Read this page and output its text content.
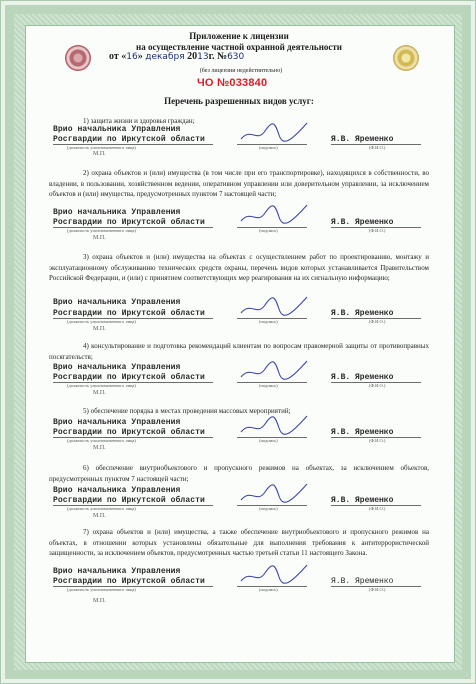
Приложение к лицензии
на осуществление частной охранной деятельности
от «16» декабря 2013г. №630
(без лицензии недействительно)
ЧО №033840
Перечень разрешенных видов услуг:
1) защита жизни и здоровья граждан;
Врио начальника Управления
Росгвардии по Иркутской области
(должность уполномоченного лица)	(подпись)
Я.В. Яременко
(Ф.И.О.)
М.П.
2) охрана объектов и (или) имущества (в том числе при его транспортировке), находящихся в собственности, во владении, в пользовании, хозяйственном ведении, оперативном управлении или доверительном управлении, за исключением объектов и (или) имущества, предусмотренных пунктом 7 настоящей части;
Врио начальника Управления
Росгвардии по Иркутской области
(должность уполномоченного лица)	(подпись)
Я.В. Яременко
(Ф.И.О.)
М.П.
3) охрана объектов и (или) имущества на объектах с осуществлением работ по проектированию, монтажу и эксплуатационному обслуживанию технических средств охраны, перечень видов которых устанавливается Правительством Российской Федерации, и (или) с принятием соответствующих мер реагирования на их сигнальную информацию;
Врио начальника Управления
Росгвардии по Иркутской области
(должность уполномоченного лица)	(подпись)
Я.В. Яременко
(Ф.И.О.)
М.П.
4) консультирование и подготовка рекомендаций клиентам по вопросам правомерной защиты от противоправных посягательств;
Врио начальника Управления
Росгвардии по Иркутской области
(должность уполномоченного лица)	(подпись)
Я.В. Яременко
(Ф.И.О.)
М.П.
5) обеспечение порядка в местах проведения массовых мероприятий;
Врио начальника Управления
Росгвардии по Иркутской области
(должность уполномоченного лица)	(подпись)
Я.В. Яременко
(Ф.И.О.)
М.П.
6) обеспечение внутриобъектового и пропускного режимов на объектах, за исключением объектов, предусмотренных пунктом 7 настоящей части;
Врио начальника Управления
Росгвардии по Иркутской области
(должность уполномоченного лица)	(подпись)
Я.В. Яременко
(Ф.И.О.)
М.П.
7) охрана объектов и (или) имущества, а также обеспечение внутриобъектового и пропускного режимов на объектах, в отношении которых установлены обязательные для выполнения требования к антитеррористической защищенности, за исключением объектов, предусмотренных частью третьей статьи 11 настоящего Закона.
Врио начальника Управления
Росгвардии по Иркутской области
(должность уполномоченного лица)	(подпись)
Я.В. Яременко
(Ф.И.О.)
М.П.
